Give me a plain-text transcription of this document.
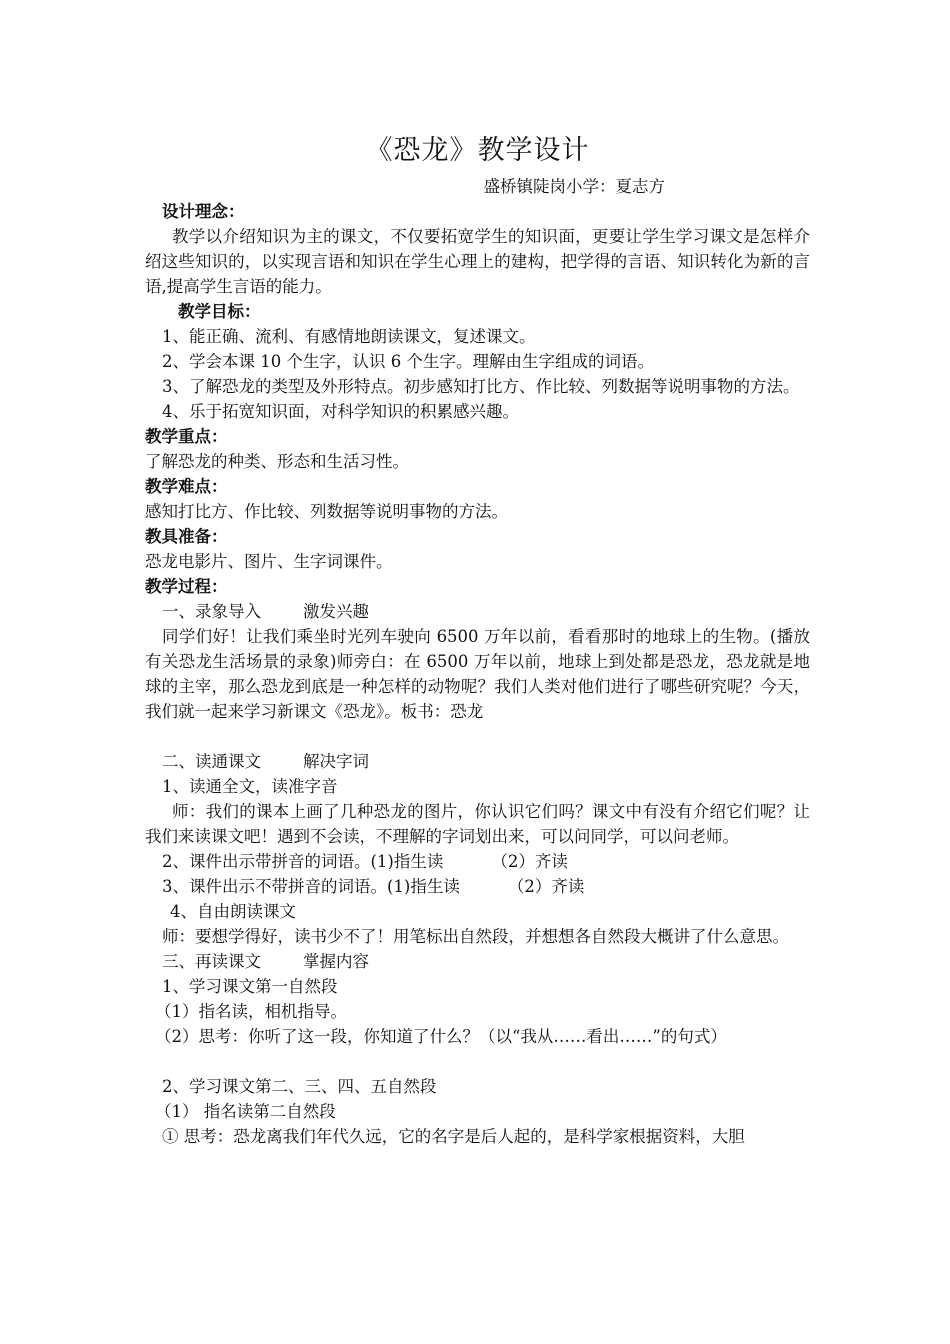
《恐龙》教学设计

盛桥镇陡岗小学：夏志方

设计理念：

教学以介绍知识为主的课文，不仅要拓宽学生的知识面，更要让学生学习课文是怎样介绍这些知识的，以实现言语和知识在学生心理上的建构，把学得的言语、知识转化为新的言语,提高学生言语的能力。

教学目标：

1、能正确、流利、有感情地朗读课文，复述课文。

2、学会本课 10 个生字，认识 6 个生字。理解由生字组成的词语。

3、了解恐龙的类型及外形特点。初步感知打比方、作比较、列数据等说明事物的方法。

4、乐于拓宽知识面，对科学知识的积累感兴趣。

教学重点：

了解恐龙的种类、形态和生活习性。

教学难点：

感知打比方、作比较、列数据等说明事物的方法。

教具准备：

恐龙电影片、图片、生字词课件。

教学过程：

一、录象导入	激发兴趣

同学们好！让我们乘坐时光列车驶向 6500 万年以前，看看那时的地球上的生物。(播放有关恐龙生活场景的录象)师旁白：在 6500 万年以前，地球上到处都是恐龙，恐龙就是地球的主宰，那么恐龙到底是一种怎样的动物呢？我们人类对他们进行了哪些研究呢？今天，我们就一起来学习新课文《恐龙》。板书：恐龙

二、读通课文	解决字词

1、读通全文，读准字音

师：我们的课本上画了几种恐龙的图片，你认识它们吗？课文中有没有介绍它们呢？让我们来读课文吧！遇到不会读，不理解的字词划出来，可以问同学，可以问老师。

2、课件出示带拼音的词语。(1)指生读	（2）齐读

3、课件出示不带拼音的词语。(1)指生读	（2）齐读

4、自由朗读课文

师：要想学得好，读书少不了！用笔标出自然段，并想想各自然段大概讲了什么意思。

三、再读课文	掌握内容

1、学习课文第一自然段

（1）指名读，相机指导。

（2）思考：你听了这一段，你知道了什么？（以“我从……看出……”的句式）

2、学习课文第二、三、四、五自然段

（1） 指名读第二自然段

① 思考：恐龙离我们年代久远，它的名字是后人起的，是科学家根据资料，大胆
